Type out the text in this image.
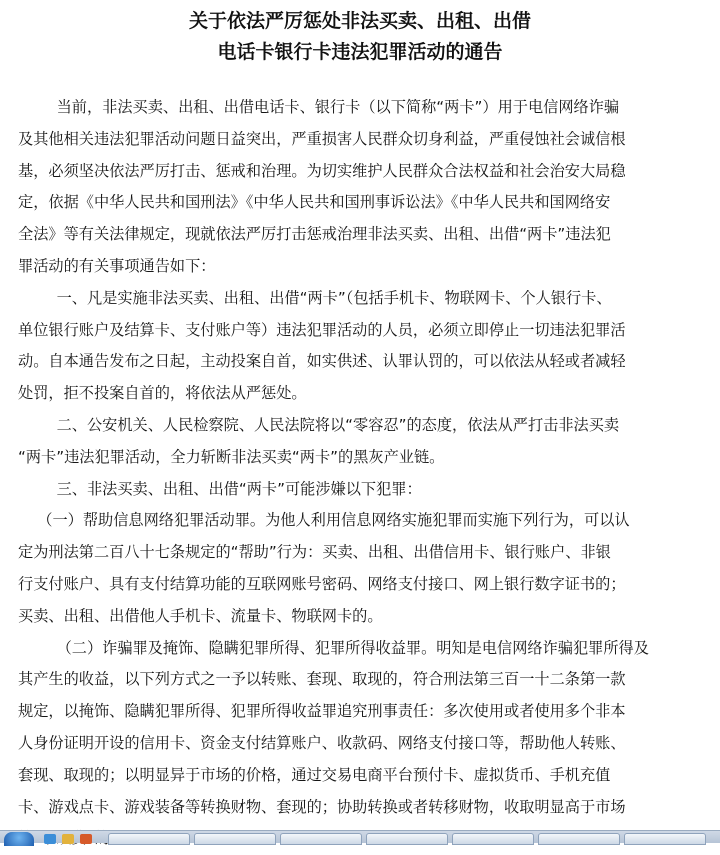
关于依法严厉惩处非法买卖、出租、出借
电话卡银行卡违法犯罪活动的通告
当前，非法买卖、出租、出借电话卡、银行卡（以下简称“两卡”）用于电信网络诈骗
及其他相关违法犯罪活动问题日益突出，严重损害人民群众切身利益，严重侵蚀社会诚信根
基，必须坚决依法严厉打击、惩戒和治理。为切实维护人民群众合法权益和社会治安大局稳
定，依据《中华人民共和国刑法》《中华人民共和国刑事诉讼法》《中华人民共和国网络安
全法》等有关法律规定，现就依法严厉打击惩戒治理非法买卖、出租、出借“两卡”违法犯
罪活动的有关事项通告如下：
一、凡是实施非法买卖、出租、出借“两卡”（包括手机卡、物联网卡、个人银行卡、
单位银行账户及结算卡、支付账户等）违法犯罪活动的人员，必须立即停止一切违法犯罪活
动。自本通告发布之日起，主动投案自首，如实供述、认罪认罚的，可以依法从轻或者减轻
处罚，拒不投案自首的，将依法从严惩处。
二、公安机关、人民检察院、人民法院将以“零容忍”的态度，依法从严打击非法买卖
“两卡”违法犯罪活动，全力斩断非法买卖“两卡”的黑灰产业链。
三、非法买卖、出租、出借“两卡”可能涉嫌以下犯罪：
（一）帮助信息网络犯罪活动罪。为他人利用信息网络实施犯罪而实施下列行为，可以认
定为刑法第二百八十七条规定的“帮助”行为：买卖、出租、出借信用卡、银行账户、非银
行支付账户、具有支付结算功能的互联网账号密码、网络支付接口、网上银行数字证书的；
买卖、出租、出借他人手机卡、流量卡、物联网卡的。
（二）诈骗罪及掩饰、隐瞒犯罪所得、犯罪所得收益罪。明知是电信网络诈骗犯罪所得及
其产生的收益，以下列方式之一予以转账、套现、取现的，符合刑法第三百一十二条第一款
规定，以掩饰、隐瞒犯罪所得、犯罪所得收益罪追究刑事责任：多次使用或者使用多个非本
人身份证明开设的信用卡、资金支付结算账户、收款码、网络支付接口等，帮助他人转账、
套现、取现的；以明显异于市场的价格，通过交易电商平台预付卡、虚拟货币、手机充值
卡、游戏点卡、游戏装备等转换财物、套现的；协助转换或者转移财物，收取明显高于市场
